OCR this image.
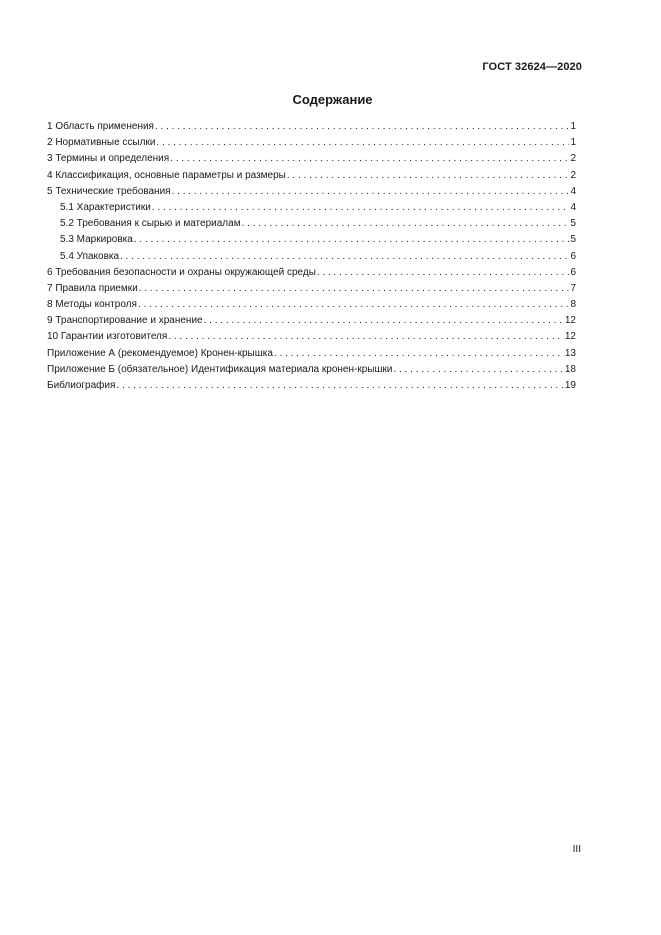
ГОСТ 32624—2020
Содержание
1 Область применения . . .	1
2 Нормативные ссылки . . .	1
3 Термины и определения . . .	2
4 Классификация, основные параметры и размеры . . .	2
5 Технические требования . . .	4
5.1 Характеристики . . .	4
5.2 Требования к сырью и материалам . . .	5
5.3 Маркировка . . .	5
5.4 Упаковка . . .	6
6 Требования безопасности и охраны окружающей среды . . .	6
7 Правила приемки . . .	7
8 Методы контроля . . .	8
9 Транспортирование и хранение . . .	12
10 Гарантии изготовителя . . .	12
Приложение А (рекомендуемое) Кронен-крышка . . .	13
Приложение Б (обязательное) Идентификация материала кронен-крышки . . .	18
Библиография . . .	19
III
